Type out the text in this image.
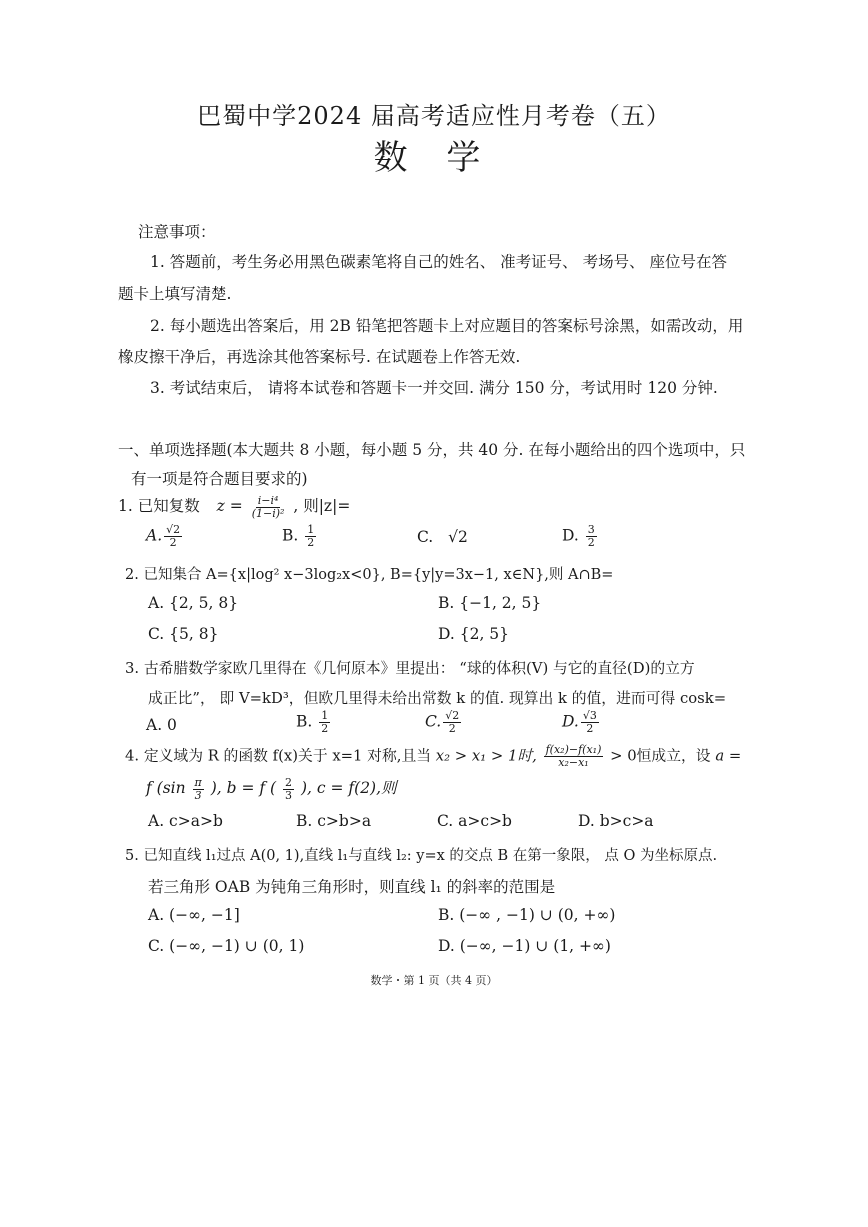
巴蜀中学2024 届高考适应性月考卷（五）
数 学
注意事项：
1. 答题前，考生务必用黑色碳素笔将自己的姓名、 准考证号、 考场号、 座位号在答
题卡上填写清楚.
2. 每小题选出答案后，用 2B 铅笔把答题卡上对应题目的答案标号涂黑，如需改动，用
橡皮擦干净后，再选涂其他答案标号. 在试题卷上作答无效.
3. 考试结束后， 请将本试卷和答题卡一并交回. 满分 150 分，考试用时 120 分钟.
一、单项选择题(本大题共 8 小题，每小题 5 分，共 40 分. 在每小题给出的四个选项中，只
有一项是符合题目要求的)
1. 已知复数 $z = \frac{\text{i−i⁴}}{\text{(1−i)²}}$ , 则|z|=
A. $\frac{√2}{2}$	B. $\frac{1}{2}$	C. √2	D. $\frac{3}{2}$
2. 已知集合 A={x|log² x−3log₂x<0}, B={y|y=3x−1, x∈N},则 A∩B=
A. {2, 5, 8}	B. {−1, 2, 5}
C. {5, 8}	D. {2, 5}
3. 古希腊数学家欧几里得在《几何原本》里提出： “球的体积(V) 与它的直径(D)的立方
成正比”， 即 V=kD³，但欧几里得未给出常数 k 的值. 现算出 k 的值，进而可得 cosk=
A. 0	B. $\frac{1}{2}$	C. $\frac{√2}{2}$	D. $\frac{√3}{2}$
4. 定义域为 R 的函数 f(x)关于 x=1 对称,且当 x₂ > x₁ > 1时, $\frac{\text{f(x₂)−f(x₁)}}{\text{x₂−x₁}} > 0$恒成立，设 a =
f ($\sin \frac{\pi}{3}$ ), b = f ( $\frac{2}{3}$ ), c = f(2),则
A. c>a>b	B. c>b>a	C. a>c>b	D. b>c>a
5. 已知直线 l₁过点 A(0, 1),直线 l₁与直线 l₂: y=x 的交点 B 在第一象限， 点 O 为坐标原点.
若三角形 OAB 为钝角三角形时，则直线 l₁ 的斜率的范围是
A. (−∞, −1]	B. (−∞ , −1) ∪ (0, +∞)
C. (−∞, −1) ∪ (0, 1)	D. (−∞, −1) ∪ (1, +∞)
数学・第 1 页（共 4 页）
